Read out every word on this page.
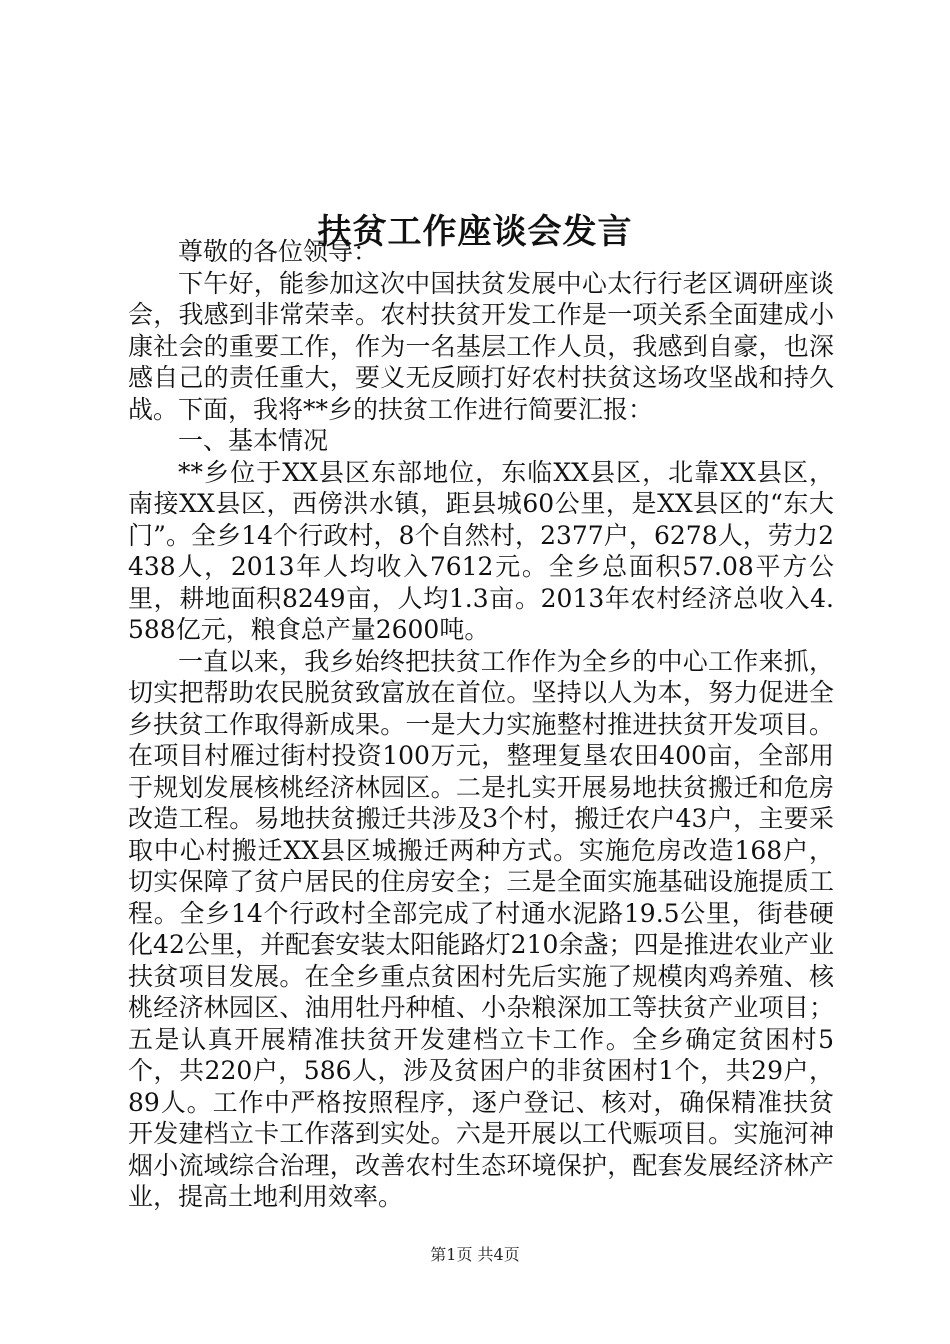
扶贫工作座谈会发言

尊敬的各位领导：

下午好，能参加这次中国扶贫发展中心太行行老区调研座谈会，我感到非常荣幸。农村扶贫开发工作是一项关系全面建成小康社会的重要工作，作为一名基层工作人员，我感到自豪，也深感自己的责任重大，要义无反顾打好农村扶贫这场攻坚战和持久战。下面，我将**乡的扶贫工作进行简要汇报：

一、基本情况

**乡位于XX县区东部地位，东临XX县区，北靠XX县区，南接XX县区，西傍洪水镇，距县城60公里，是XX县区的“东大门”。全乡14个行政村，8个自然村，2377户，6278人，劳力2438人，2013年人均收入7612元。全乡总面积57.08平方公里，耕地面积8249亩，人均1.3亩。2013年农村经济总收入4.588亿元，粮食总产量2600吨。

一直以来，我乡始终把扶贫工作作为全乡的中心工作来抓，切实把帮助农民脱贫致富放在首位。坚持以人为本，努力促进全乡扶贫工作取得新成果。一是大力实施整村推进扶贫开发项目。在项目村雁过街村投资100万元，整理复垦农田400亩，全部用于规划发展核桃经济林园区。二是扎实开展易地扶贫搬迁和危房改造工程。易地扶贫搬迁共涉及3个村，搬迁农户43户，主要采取中心村搬迁XX县区城搬迁两种方式。实施危房改造168户，切实保障了贫户居民的住房安全；三是全面实施基础设施提质工程。全乡14个行政村全部完成了村通水泥路19.5公里，街巷硬化42公里，并配套安装太阳能路灯210余盏；四是推进农业产业扶贫项目发展。在全乡重点贫困村先后实施了规模肉鸡养殖、核桃经济林园区、油用牡丹种植、小杂粮深加工等扶贫产业项目；五是认真开展精准扶贫开发建档立卡工作。全乡确定贫困村5个，共220户，586人，涉及贫困户的非贫困村1个，共29户，89人。工作中严格按照程序，逐户登记、核对，确保精准扶贫开发建档立卡工作落到实处。六是开展以工代赈项目。实施河神烟小流域综合治理，改善农村生态环境保护，配套发展经济林产业，提高土地利用效率。

第1页 共4页
